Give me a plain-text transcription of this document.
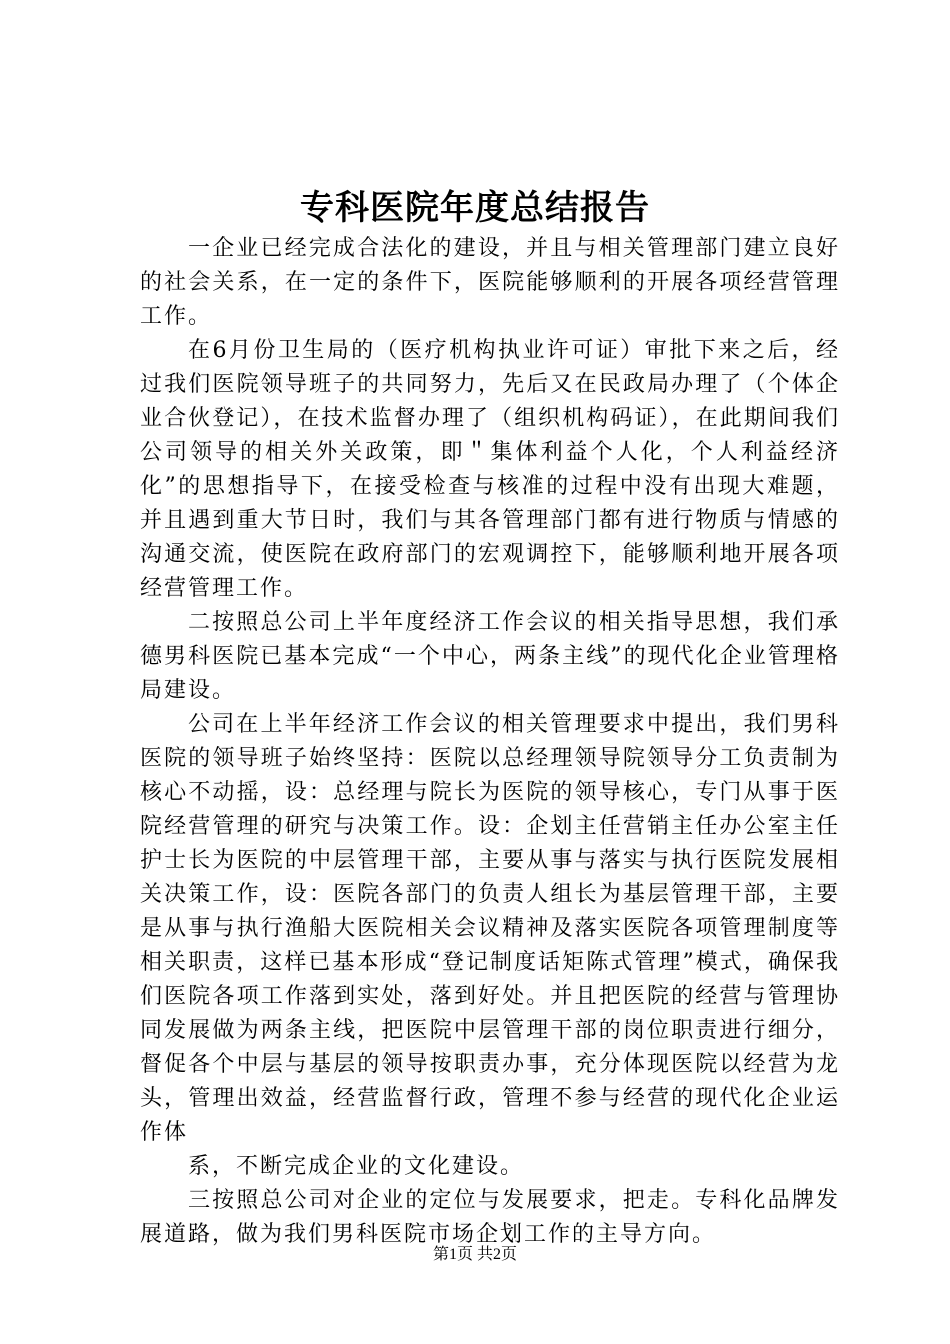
专科医院年度总结报告

一企业已经完成合法化的建设，并且与相关管理部门建立良好的社会关系，在一定的条件下，医院能够顺利的开展各项经营管理工作。

在6月份卫生局的（医疗机构执业许可证）审批下来之后，经过我们医院领导班子的共同努力，先后又在民政局办理了（个体企业合伙登记），在技术监督办理了（组织机构码证），在此期间我们公司领导的相关外关政策，即＂集体利益个人化，个人利益经济化”的思想指导下，在接受检查与核准的过程中没有出现大难题，并且遇到重大节日时，我们与其各管理部门都有进行物质与情感的沟通交流，使医院在政府部门的宏观调控下，能够顺利地开展各项经营管理工作。

二按照总公司上半年度经济工作会议的相关指导思想，我们承德男科医院已基本完成“一个中心，两条主线”的现代化企业管理格局建设。

公司在上半年经济工作会议的相关管理要求中提出，我们男科医院的领导班子始终坚持：医院以总经理领导院领导分工负责制为核心不动摇，设：总经理与院长为医院的领导核心，专门从事于医院经营管理的研究与决策工作。设：企划主任营销主任办公室主任护士长为医院的中层管理干部，主要从事与落实与执行医院发展相关决策工作，设：医院各部门的负责人组长为基层管理干部，主要是从事与执行渔船大医院相关会议精神及落实医院各项管理制度等相关职责，这样已基本形成“登记制度话矩陈式管理”模式，确保我们医院各项工作落到实处，落到好处。并且把医院的经营与管理协同发展做为两条主线，把医院中层管理干部的岗位职责进行细分，督促各个中层与基层的领导按职责办事，充分体现医院以经营为龙头，管理出效益，经营监督行政，管理不参与经营的现代化企业运作体

系，不断完成企业的文化建设。

三按照总公司对企业的定位与发展要求，把走。专科化品牌发展道路，做为我们男科医院市场企划工作的主导方向。

第1页 共2页
